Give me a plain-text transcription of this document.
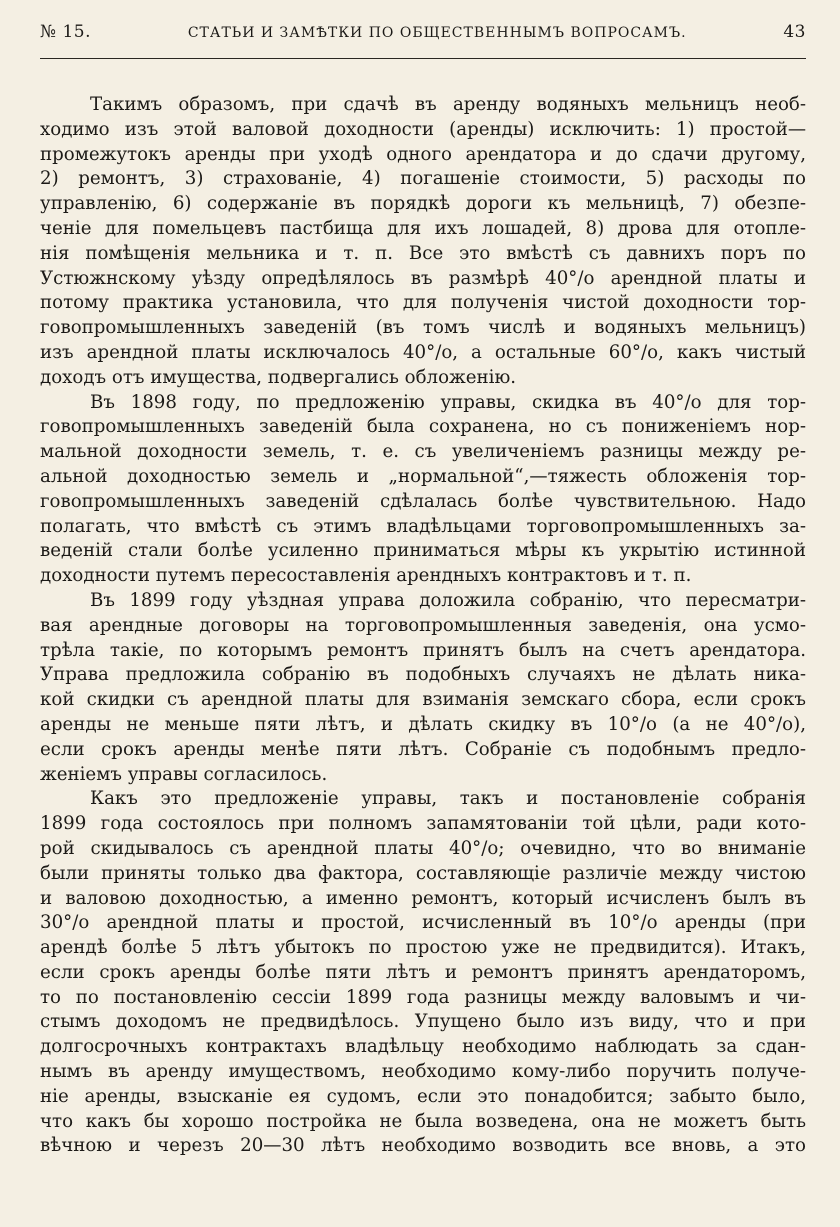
№ 15.	СТАТЬИ И ЗАМѢТКИ ПО ОБЩЕСТВЕННЫМЪ ВОПРОСАМЪ.	43
Такимъ образомъ, при сдачѣ въ аренду водяныхъ мельницъ необ-
ходимо изъ этой валовой доходности (аренды) исключить: 1) простой—
промежутокъ аренды при уходѣ одного арендатора и до сдачи другому,
2) ремонтъ, 3) страхованіе, 4) погашеніе стоимости, 5) расходы по
управленію, 6) содержаніе въ порядкѣ дороги къ мельницѣ, 7) обезпе-
ченіе для помельцевъ пастбища для ихъ лошадей, 8) дрова для отопле-
нія помѣщенія мельника и т. п. Все это вмѣстѣ съ давнихъ поръ по
Устюжнскому уѣзду опредѣлялось въ размѣрѣ 40°/о арендной платы и
потому практика установила, что для полученія чистой доходности тор-
говопромышленныхъ заведеній (въ томъ числѣ и водяныхъ мельницъ)
изъ арендной платы исключалось 40°/о, а остальные 60°/о, какъ чистый
доходъ отъ имущества, подвергались обложенію.
Въ 1898 году, по предложенію управы, скидка въ 40°/о для тор-
говопромышленныхъ заведеній была сохранена, но съ пониженіемъ нор-
мальной доходности земель, т. е. съ увеличеніемъ разницы между ре-
альной доходностью земель и „нормальной“,—тяжесть обложенія тор-
говопромышленныхъ заведеній сдѣлалась болѣе чувствительною. Надо
полагать, что вмѣстѣ съ этимъ владѣльцами торговопромышленныхъ за-
веденій стали болѣе усиленно приниматься мѣры къ укрытію истинной
доходности путемъ пересоставленія арендныхъ контрактовъ и т. п.
Въ 1899 году уѣздная управа доложила собранію, что пересматри-
вая арендные договоры на торговопромышленныя заведенія, она усмо-
трѣла такіе, по которымъ ремонтъ принятъ былъ на счетъ арендатора.
Управа предложила собранію въ подобныхъ случаяхъ не дѣлать ника-
кой скидки съ арендной платы для взиманія земскаго сбора, если срокъ
аренды не меньше пяти лѣтъ, и дѣлать скидку въ 10°/о (а не 40°/о),
если срокъ аренды менѣе пяти лѣтъ. Собраніе съ подобнымъ предло-
женіемъ управы согласилось.
Какъ это предложеніе управы, такъ и постановленіе собранія
1899 года состоялось при полномъ запамятованіи той цѣли, ради кото-
рой скидывалось съ арендной платы 40°/о; очевидно, что во вниманіе
были приняты только два фактора, составляющіе различіе между чистою
и валовою доходностью, а именно ремонтъ, который исчисленъ былъ въ
30°/о арендной платы и простой, исчисленный въ 10°/о аренды (при
арендѣ болѣе 5 лѣтъ убытокъ по простою уже не предвидится). Итакъ,
если срокъ аренды болѣе пяти лѣтъ и ремонтъ принятъ арендаторомъ,
то по постановленію сессіи 1899 года разницы между валовымъ и чи-
стымъ доходомъ не предвидѣлось. Упущено было изъ виду, что и при
долгосрочныхъ контрактахъ владѣльцу необходимо наблюдать за сдан-
нымъ въ аренду имуществомъ, необходимо кому-либо поручить получе-
ніе аренды, взысканіе ея судомъ, если это понадобится; забыто было,
что какъ бы хорошо постройка не была возведена, она не можетъ быть
вѣчною и черезъ 20—30 лѣтъ необходимо возводить все вновь, а это
